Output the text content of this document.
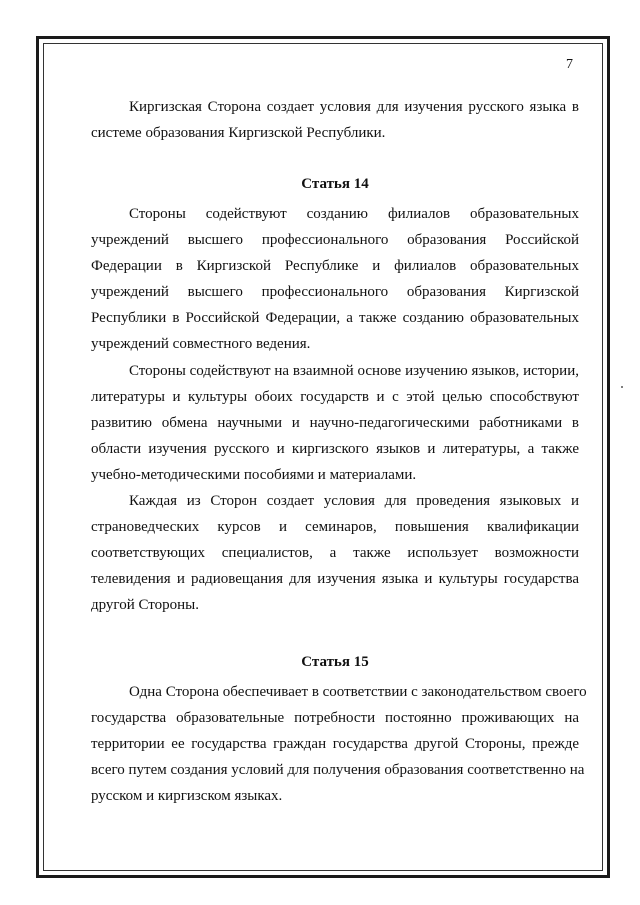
7
Киргизская Сторона создает условия для изучения русского языка в
системе образования Киргизской Республики.
Статья 14
Стороны содействуют созданию филиалов образовательных
учреждений высшего профессионального образования Российской
Федерации в Киргизской Республике и филиалов образовательных
учреждений высшего профессионального образования Киргизской
Республики в Российской Федерации, а также созданию образовательных
учреждений совместного ведения.
Стороны содействуют на взаимной основе изучению языков, истории,
литературы и культуры обоих государств и с этой целью способствуют
развитию обмена научными и научно-педагогическими работниками в
области изучения русского и киргизского языков и литературы, а также
учебно-методическими пособиями и материалами.
Каждая из Сторон создает условия для проведения языковых и
страноведческих курсов и семинаров, повышения квалификации
соответствующих специалистов, а также использует возможности
телевидения и радиовещания для изучения языка и культуры государства
другой Стороны.
Статья 15
Одна Сторона обеспечивает в соответствии с законодательством своего
государства образовательные потребности постоянно проживающих на
территории ее государства граждан государства другой Стороны, прежде
всего путем создания условий для получения образования соответственно на
русском и киргизском языках.
